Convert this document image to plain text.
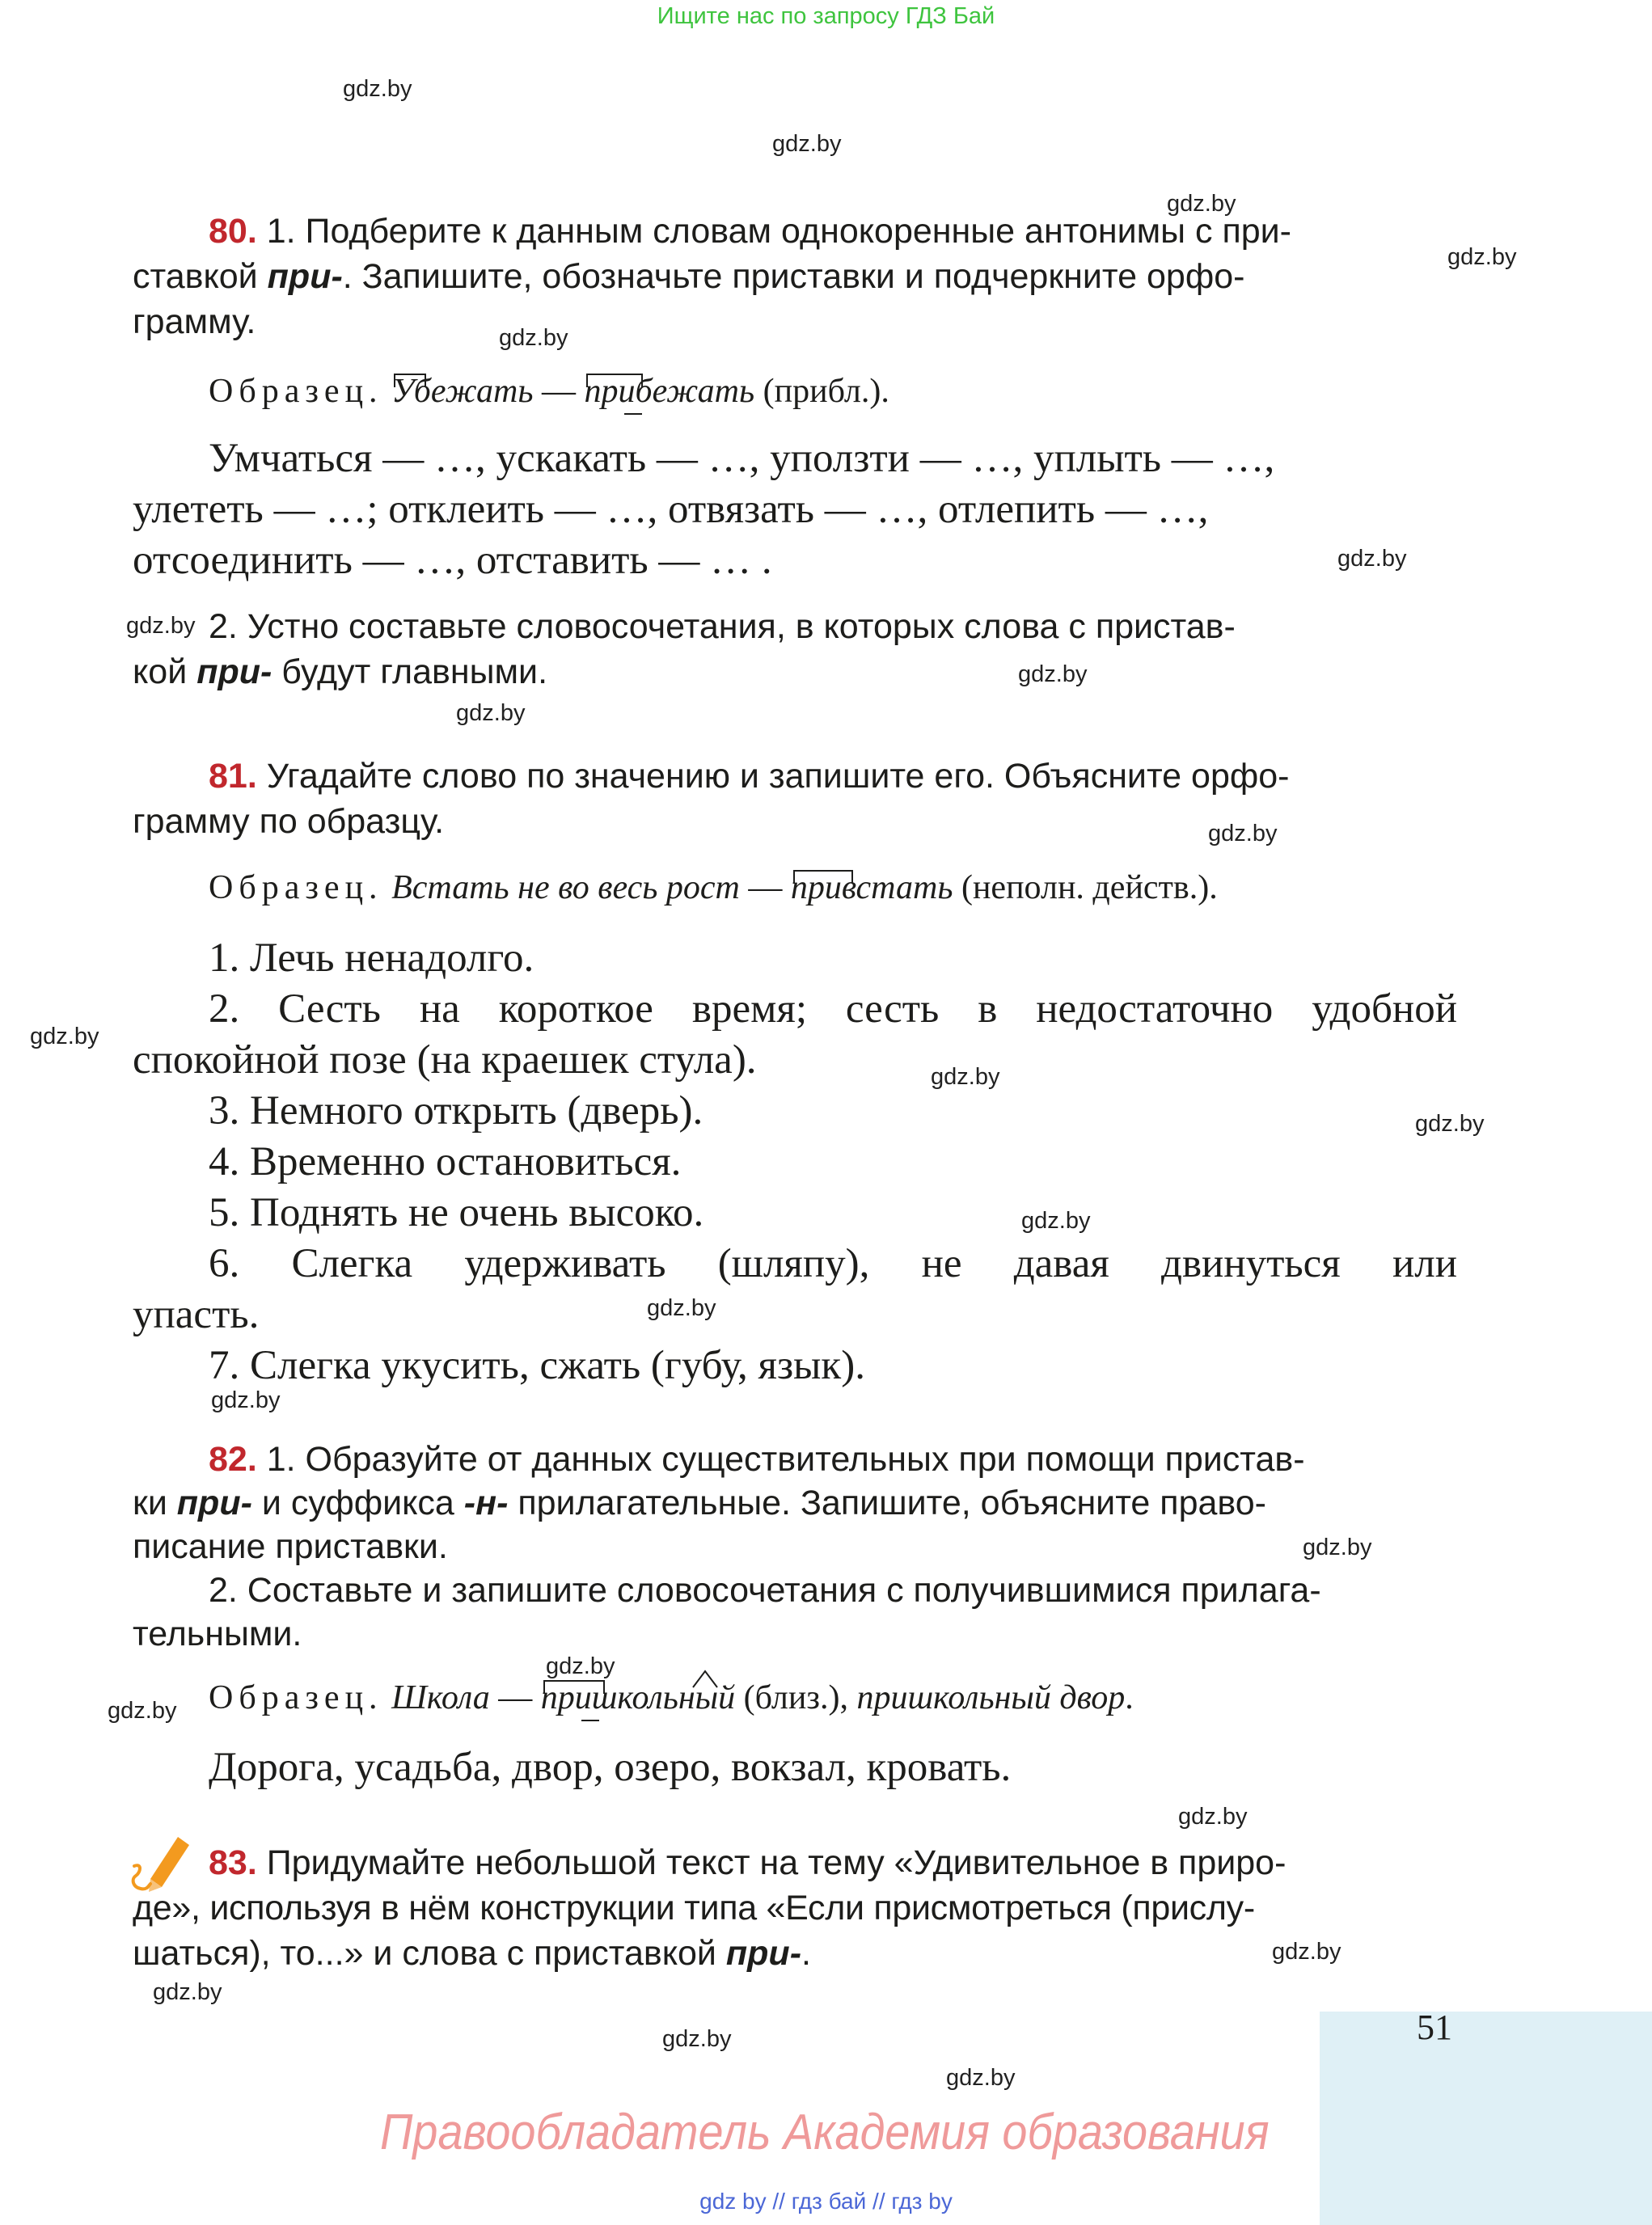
Ищите нас по запросу ГДЗ Бай
gdz.by
gdz.by
gdz.by
gdz.by
gdz.by
gdz.by
gdz.by
gdz.by
gdz.by
gdz.by
gdz.by
gdz.by
gdz.by
gdz.by
gdz.by
gdz.by
gdz.by
gdz.by
gdz.by
gdz.by
gdz.by
gdz.by
gdz.by
gdz.by
80. 1. Подберите к данным словам однокоренные антонимы с при-
ставкой при-. Запишите, обозначьте приставки и подчеркните орфо-
грамму.
Образец. Убежать
— прибежать
(прибл.).
Умчаться — …, ускакать — …, уползти — …, уплыть — …,
улететь — …; отклеить — …, отвязать — …, отлепить — …,
отсоединить — …, отставить — … .
2. Устно составьте словосочетания, в которых слова с пристав-
кой при- будут главными.
81. Угадайте слово по значению и запишите его. Объясните орфо-
грамму по образцу.
Образец. Встать не во весь рост — привстать
(неполн. действ.).
1. Лечь ненадолго.
2. Сесть на короткое время; сесть в недостаточно удобной
спокойной позе (на краешек стула).
3. Немного открыть (дверь).
4. Временно остановиться.
5. Поднять не очень высоко.
6. Слегка удерживать (шляпу), не давая двинуться или
упасть.
7. Слегка укусить, сжать (губу, язык).
82. 1. Образуйте от данных существительных при помощи пристав-
ки при- и суффикса -н- прилагательные. Запишите, объясните право-
писание приставки.
2. Составьте и запишите словосочетания с получившимися прилага-
тельными.
Образец. Школа — пришкольный
(близ.), пришкольный двор.
Дорога, усадьба, двор, озеро, вокзал, кровать.
83. Придумайте небольшой текст на тему «Удивительное в приро-
де», используя в нём конструкции типа «Если присмотреться (прислу-
шаться), то...» и слова с приставкой при-.
51
Правообладатель Академия образования
gdz by // гдз бай // гдз by
